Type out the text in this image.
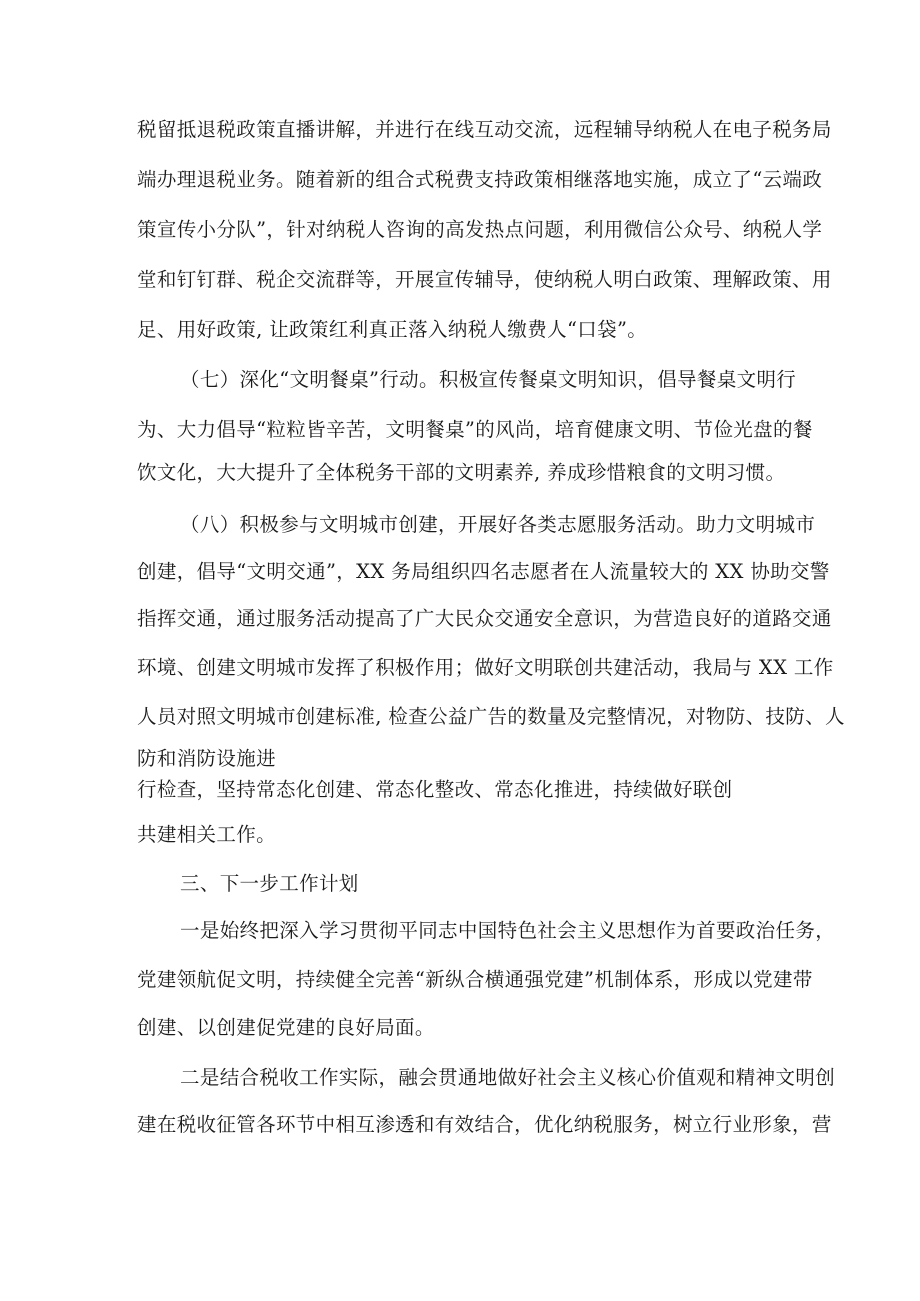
税留抵退税政策直播讲解，并进行在线互动交流，远程辅导纳税人在电子税务局
端办理退税业务。随着新的组合式税费支持政策相继落地实施，成立了“云端政
策宣传小分队”，针对纳税人咨询的高发热点问题，利用微信公众号、纳税人学
堂和钉钉群、税企交流群等，开展宣传辅导，使纳税人明白政策、理解政策、用
足、用好政策, 让政策红利真正落入纳税人缴费人“口袋”。
（七）深化“文明餐桌”行动。积极宣传餐桌文明知识，倡导餐桌文明行
为、大力倡导“粒粒皆辛苦，文明餐桌”的风尚，培育健康文明、节俭光盘的餐
饮文化，大大提升了全体税务干部的文明素养, 养成珍惜粮食的文明习惯。
（八）积极参与文明城市创建，开展好各类志愿服务活动。助力文明城市
创建，倡导“文明交通”，XX 务局组织四名志愿者在人流量较大的 XX 协助交警
指挥交通，通过服务活动提高了广大民众交通安全意识，为营造良好的道路交通
环境、创建文明城市发挥了积极作用；做好文明联创共建活动，我局与 XX 工作
人员对照文明城市创建标准, 检查公益广告的数量及完整情况，对物防、技防、人
防和消防设施进
行检查，坚持常态化创建、常态化整改、常态化推进，持续做好联创
共建相关工作。
三、下一步工作计划
一是始终把深入学习贯彻平同志中国特色社会主义思想作为首要政治任务，
党建领航促文明，持续健全完善“新纵合横通强党建”机制体系，形成以党建带
创建、以创建促党建的良好局面。
二是结合税收工作实际，融会贯通地做好社会主义核心价值观和精神文明创
建在税收征管各环节中相互渗透和有效结合，优化纳税服务，树立行业形象，营
